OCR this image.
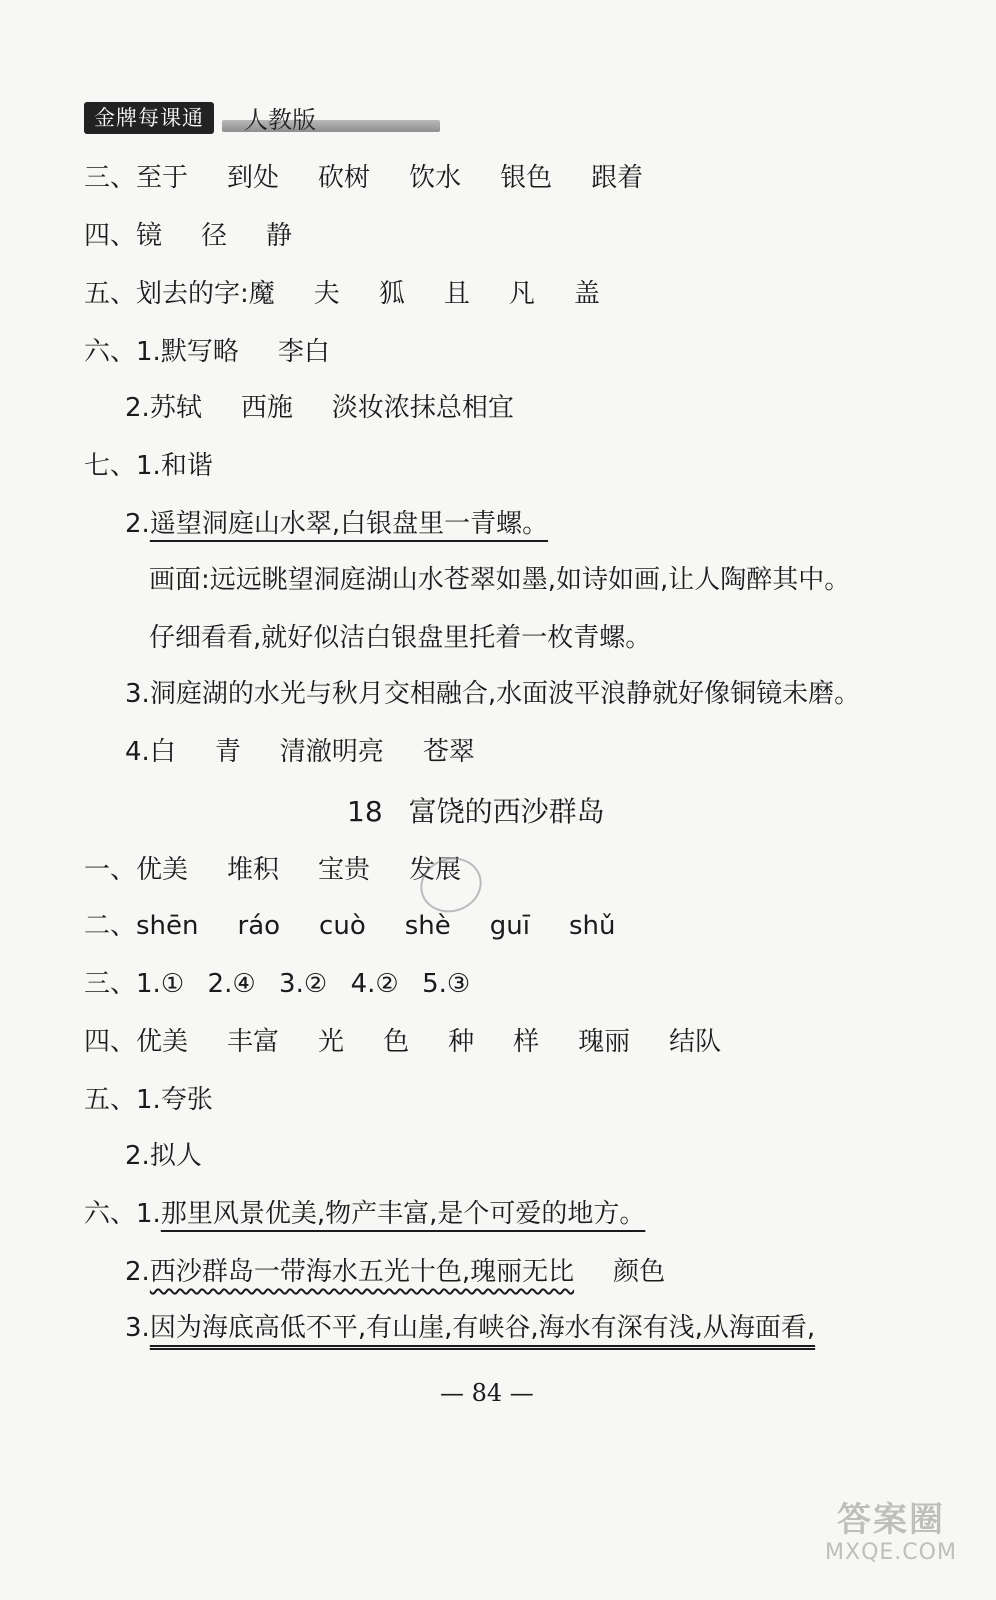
金牌每课通	人教版
三、至于 到处 砍树 饮水 银色 跟着
四、镜 径 静
五、划去的字:魔 夫 狐 且 凡 盖
六、1.默写略 李白
2.苏轼 西施 淡妆浓抹总相宜
七、1.和谐
2.遥望洞庭山水翠,白银盘里一青螺。
画面:远远眺望洞庭湖山水苍翠如墨,如诗如画,让人陶醉其中。
仔细看看,就好似洁白银盘里托着一枚青螺。
3.洞庭湖的水光与秋月交相融合,水面波平浪静就好像铜镜未磨。
4.白 青 清澈明亮 苍翠
18 富饶的西沙群岛
一、优美 堆积 宝贵 发展
二、shēn ráo cuò shè guī shǔ
三、1.① 2.④ 3.② 4.② 5.③
四、优美 丰富 光 色 种 样 瑰丽 结队
五、1.夸张
2.拟人
六、1.那里风景优美,物产丰富,是个可爱的地方。
2.西沙群岛一带海水五光十色,瑰丽无比 颜色
3.因为海底高低不平,有山崖,有峡谷,海水有深有浅,从海面看,
— 84 —
答案圈
MXQE.COM
